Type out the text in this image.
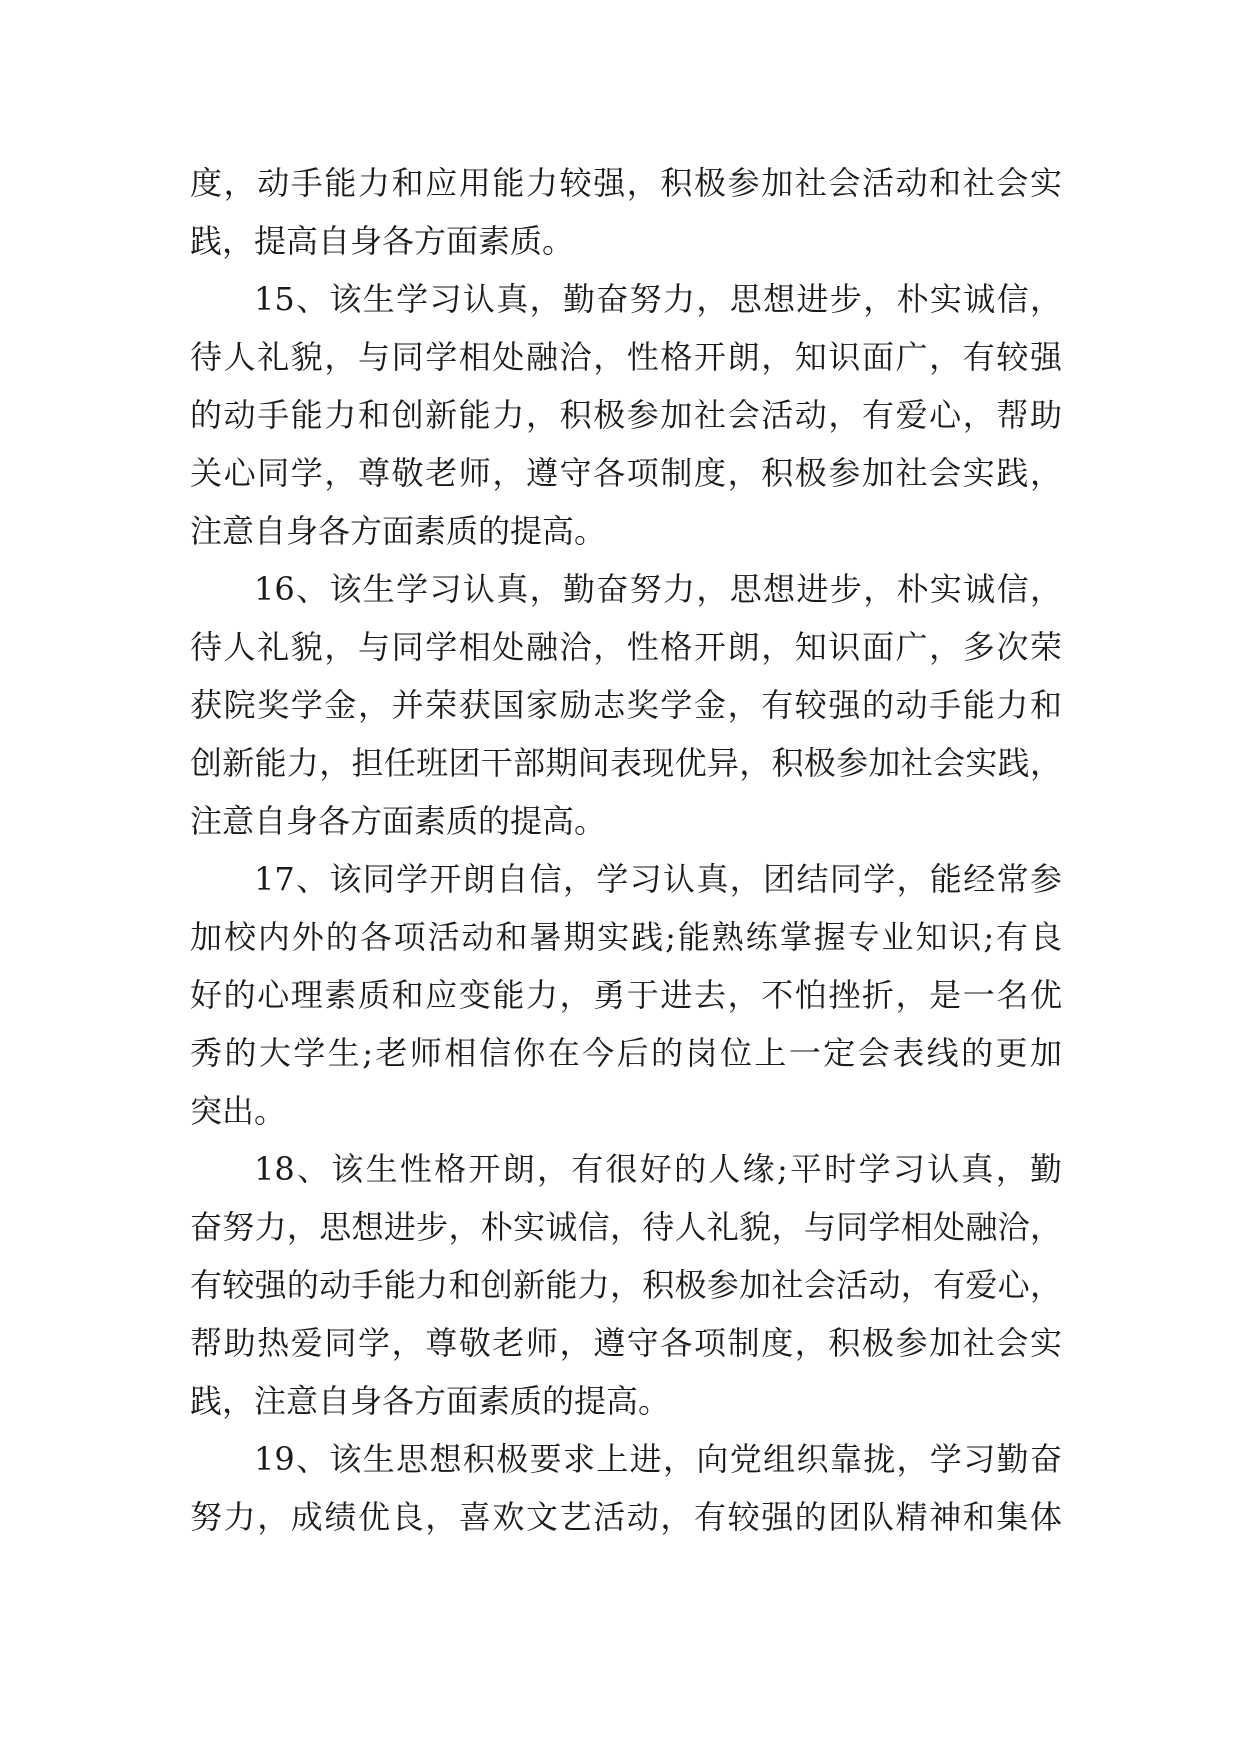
度，动手能力和应用能力较强，积极参加社会活动和社会实
践，提高自身各方面素质。
15、该生学习认真，勤奋努力，思想进步，朴实诚信，
待人礼貌，与同学相处融洽，性格开朗，知识面广，有较强
的动手能力和创新能力，积极参加社会活动，有爱心，帮助
关心同学，尊敬老师，遵守各项制度，积极参加社会实践，
注意自身各方面素质的提高。
16、该生学习认真，勤奋努力，思想进步，朴实诚信，
待人礼貌，与同学相处融洽，性格开朗，知识面广，多次荣
获院奖学金，并荣获国家励志奖学金，有较强的动手能力和
创新能力，担任班团干部期间表现优异，积极参加社会实践，
注意自身各方面素质的提高。
17、该同学开朗自信，学习认真，团结同学，能经常参
加校内外的各项活动和暑期实践;能熟练掌握专业知识;有良
好的心理素质和应变能力，勇于进去，不怕挫折，是一名优
秀的大学生;老师相信你在今后的岗位上一定会表线的更加
突出。
18、该生性格开朗，有很好的人缘;平时学习认真，勤
奋努力，思想进步，朴实诚信，待人礼貌，与同学相处融洽，
有较强的动手能力和创新能力，积极参加社会活动，有爱心，
帮助热爱同学，尊敬老师，遵守各项制度，积极参加社会实
践，注意自身各方面素质的提高。
19、该生思想积极要求上进，向党组织靠拢，学习勤奋
努力，成绩优良，喜欢文艺活动，有较强的团队精神和集体
